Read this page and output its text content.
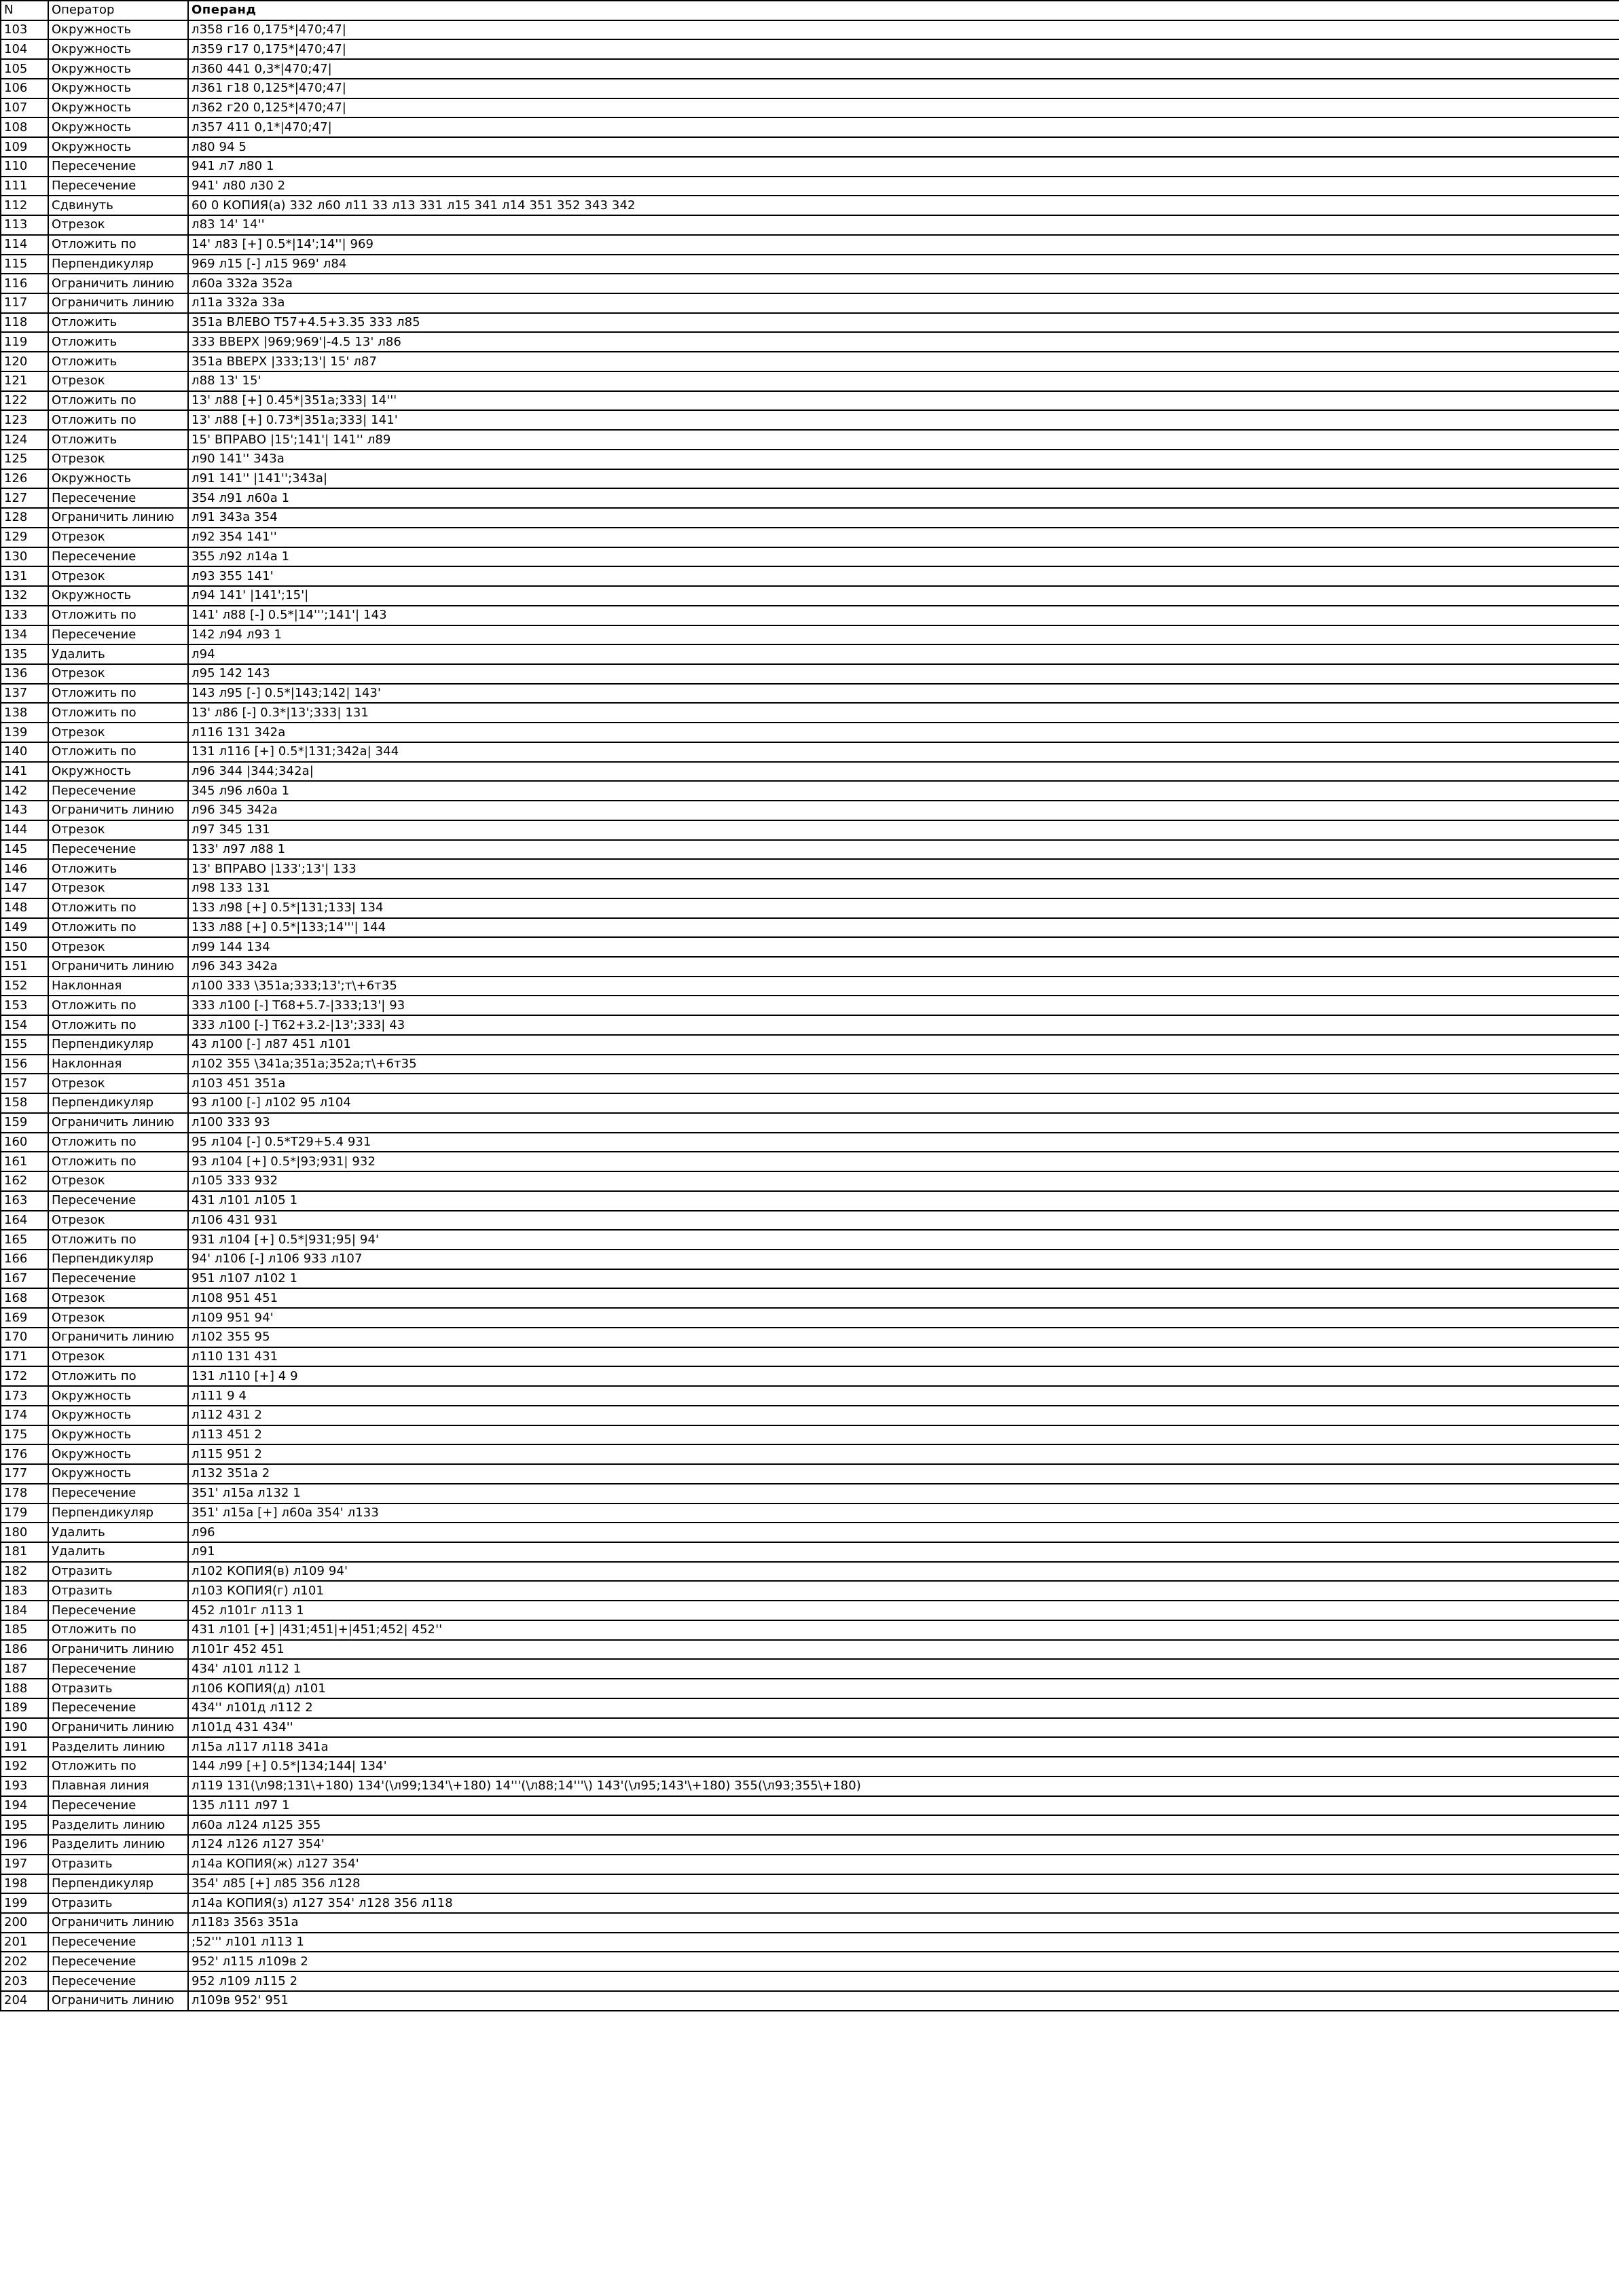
N	Оператор	Операнд
103	Окружность	л358 г16 0,175*|470;47|
104	Окружность	л359 г17 0,175*|470;47|
105	Окружность	л360 441 0,3*|470;47|
106	Окружность	л361 г18 0,125*|470;47|
107	Окружность	л362 г20 0,125*|470;47|
108	Окружность	л357 411 0,1*|470;47|
109	Окружность	л80 94 5
110	Пересечение	941 л7 л80 1
111	Пересечение	941' л80 л30 2
112	Сдвинуть	60 0 КОПИЯ(а) 332 л60 л11 33 л13 331 л15 341 л14 351 352 343 342
113	Отрезок	л83 14' 14''
114	Отложить по	14' л83 [+] 0.5*|14';14''| 969
115	Перпендикуляр	969 л15 [-] л15 969' л84
116	Ограничить линию	л60а 332а 352а
117	Ограничить линию	л11а 332а 33а
118	Отложить	351а ВЛЕВО T57+4.5+3.35 333 л85
119	Отложить	333 ВВЕРХ |969;969'|-4.5 13' л86
120	Отложить	351а ВВЕРХ |333;13'| 15' л87
121	Отрезок	л88 13' 15'
122	Отложить по	13' л88 [+] 0.45*|351а;333| 14'''
123	Отложить по	13' л88 [+] 0.73*|351а;333| 141'
124	Отложить	15' ВПРАВО |15';141'| 141'' л89
125	Отрезок	л90 141'' 343а
126	Окружность	л91 141'' |141'';343а|
127	Пересечение	354 л91 л60а 1
128	Ограничить линию	л91 343а 354
129	Отрезок	л92 354 141''
130	Пересечение	355 л92 л14а 1
131	Отрезок	л93 355 141'
132	Окружность	л94 141' |141';15'|
133	Отложить по	141' л88 [-] 0.5*|14''';141'| 143
134	Пересечение	142 л94 л93 1
135	Удалить	л94
136	Отрезок	л95 142 143
137	Отложить по	143 л95 [-] 0.5*|143;142| 143'
138	Отложить по	13' л86 [-] 0.3*|13';333| 131
139	Отрезок	л116 131 342а
140	Отложить по	131 л116 [+] 0.5*|131;342а| 344
141	Окружность	л96 344 |344;342а|
142	Пересечение	345 л96 л60а 1
143	Ограничить линию	л96 345 342а
144	Отрезок	л97 345 131
145	Пересечение	133' л97 л88 1
146	Отложить	13' ВПРАВО |133';13'| 133
147	Отрезок	л98 133 131
148	Отложить по	133 л98 [+] 0.5*|131;133| 134
149	Отложить по	133 л88 [+] 0.5*|133;14'''| 144
150	Отрезок	л99 144 134
151	Ограничить линию	л96 343 342а
152	Наклонная	л100 333 \351а;333;13';т\+6т35
153	Отложить по	333 л100 [-] T68+5.7-|333;13'| 93
154	Отложить по	333 л100 [-] T62+3.2-|13';333| 43
155	Перпендикуляр	43 л100 [-] л87 451 л101
156	Наклонная	л102 355 \341а;351а;352а;т\+6т35
157	Отрезок	л103 451 351а
158	Перпендикуляр	93 л100 [-] л102 95 л104
159	Ограничить линию	л100 333 93
160	Отложить по	95 л104 [-] 0.5*T29+5.4 931
161	Отложить по	93 л104 [+] 0.5*|93;931| 932
162	Отрезок	л105 333 932
163	Пересечение	431 л101 л105 1
164	Отрезок	л106 431 931
165	Отложить по	931 л104 [+] 0.5*|931;95| 94'
166	Перпендикуляр	94' л106 [-] л106 933 л107
167	Пересечение	951 л107 л102 1
168	Отрезок	л108 951 451
169	Отрезок	л109 951 94'
170	Ограничить линию	л102 355 95
171	Отрезок	л110 131 431
172	Отложить по	131 л110 [+] 4 9
173	Окружность	л111 9 4
174	Окружность	л112 431 2
175	Окружность	л113 451 2
176	Окружность	л115 951 2
177	Окружность	л132 351а 2
178	Пересечение	351' л15а л132 1
179	Перпендикуляр	351' л15а [+] л60а 354' л133
180	Удалить	л96
181	Удалить	л91
182	Отразить	л102 КОПИЯ(в) л109 94'
183	Отразить	л103 КОПИЯ(г) л101
184	Пересечение	452 л101г л113 1
185	Отложить по	431 л101 [+] |431;451|+|451;452| 452''
186	Ограничить линию	л101г 452 451
187	Пересечение	434' л101 л112 1
188	Отразить	л106 КОПИЯ(д) л101
189	Пересечение	434'' л101д л112 2
190	Ограничить линию	л101д 431 434''
191	Разделить линию	л15а л117 л118 341а
192	Отложить по	144 л99 [+] 0.5*|134;144| 134'
193	Плавная линия	л119 131(\л98;131\+180) 134'(\л99;134'\+180) 14'''(\л88;14'''\) 143'(\л95;143'\+180) 355(\л93;355\+180)
194	Пересечение	135 л111 л97 1
195	Разделить линию	л60а л124 л125 355
196	Разделить линию	л124 л126 л127 354'
197	Отразить	л14а КОПИЯ(ж) л127 354'
198	Перпендикуляр	354' л85 [+] л85 356 л128
199	Отразить	л14а КОПИЯ(з) л127 354' л128 356 л118
200	Ограничить линию	л118з 356з 351а
201	Пересечение	;52''' л101 л113 1
202	Пересечение	952' л115 л109в 2
203	Пересечение	952 л109 л115 2
204	Ограничить линию	л109в 952' 951
